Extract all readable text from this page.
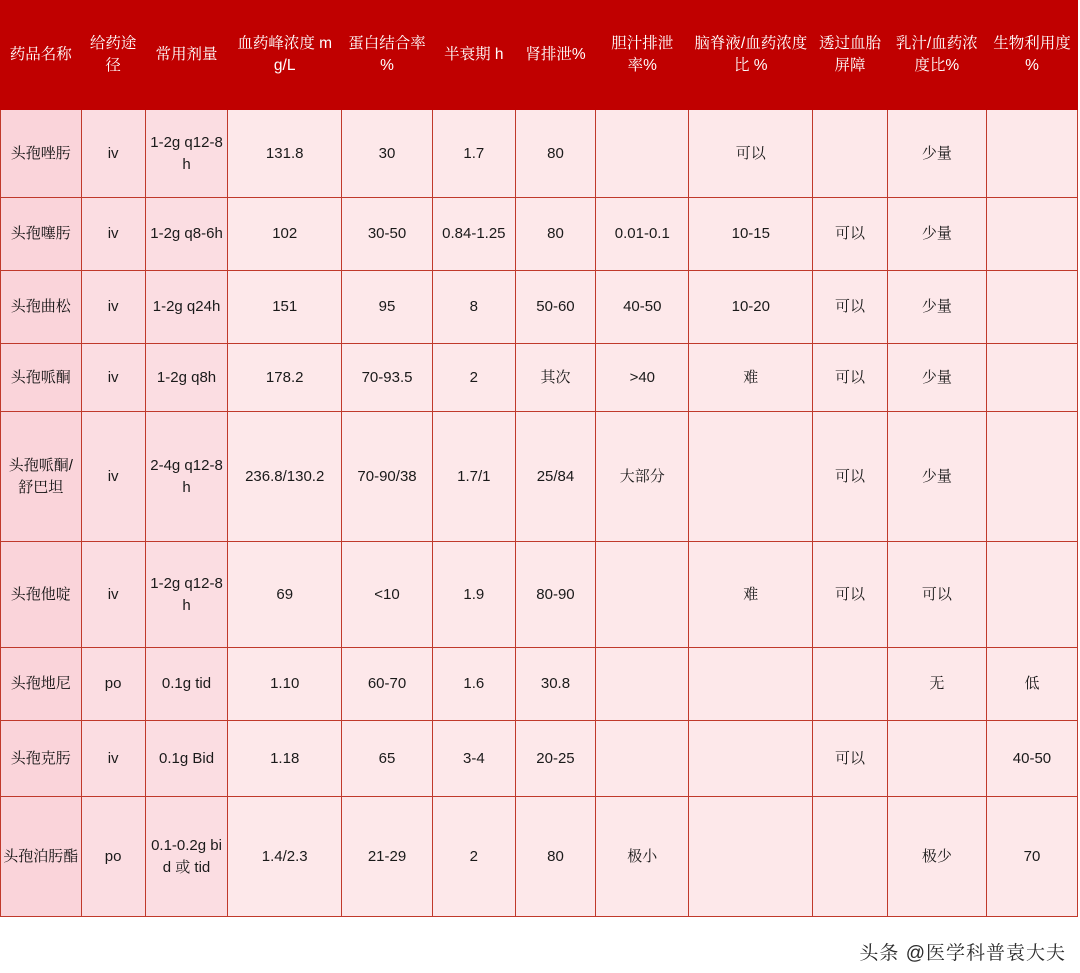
药品名称	给药途径	常用剂量	血药峰浓度 mg/L	蛋白结合率 %	半衰期 h	肾排泄%	胆汁排泄率%	脑脊液/血药浓度比 %	透过血胎屏障	乳汁/血药浓度比%	生物利用度 %
头孢唑肟	iv	1-2g q12-8h	131.8	30	1.7	80		可以		少量	
头孢噻肟	iv	1-2g q8-6h	102	30-50	0.84-1.25	80	0.01-0.1	10-15	可以	少量	
头孢曲松	iv	1-2g q24h	151	95	8	50-60	40-50	10-20	可以	少量	
头孢哌酮	iv	1-2g q8h	178.2	70-93.5	2	其次	>40	难	可以	少量	
头孢哌酮/舒巴坦	iv	2-4g q12-8h	236.8/130.2	70-90/38	1.7/1	25/84	大部分		可以	少量	
头孢他啶	iv	1-2g q12-8h	69	<10	1.9	80-90		难	可以	可以	
头孢地尼	po	0.1g tid	1.10	60-70	1.6	30.8				无	低
头孢克肟	iv	0.1g Bid	1.18	65	3-4	20-25			可以		40-50
头孢泊肟酯	po	0.1-0.2g bid 或 tid	1.4/2.3	21-29	2	80	极小			极少	70
头条 @医学科普袁大夫
